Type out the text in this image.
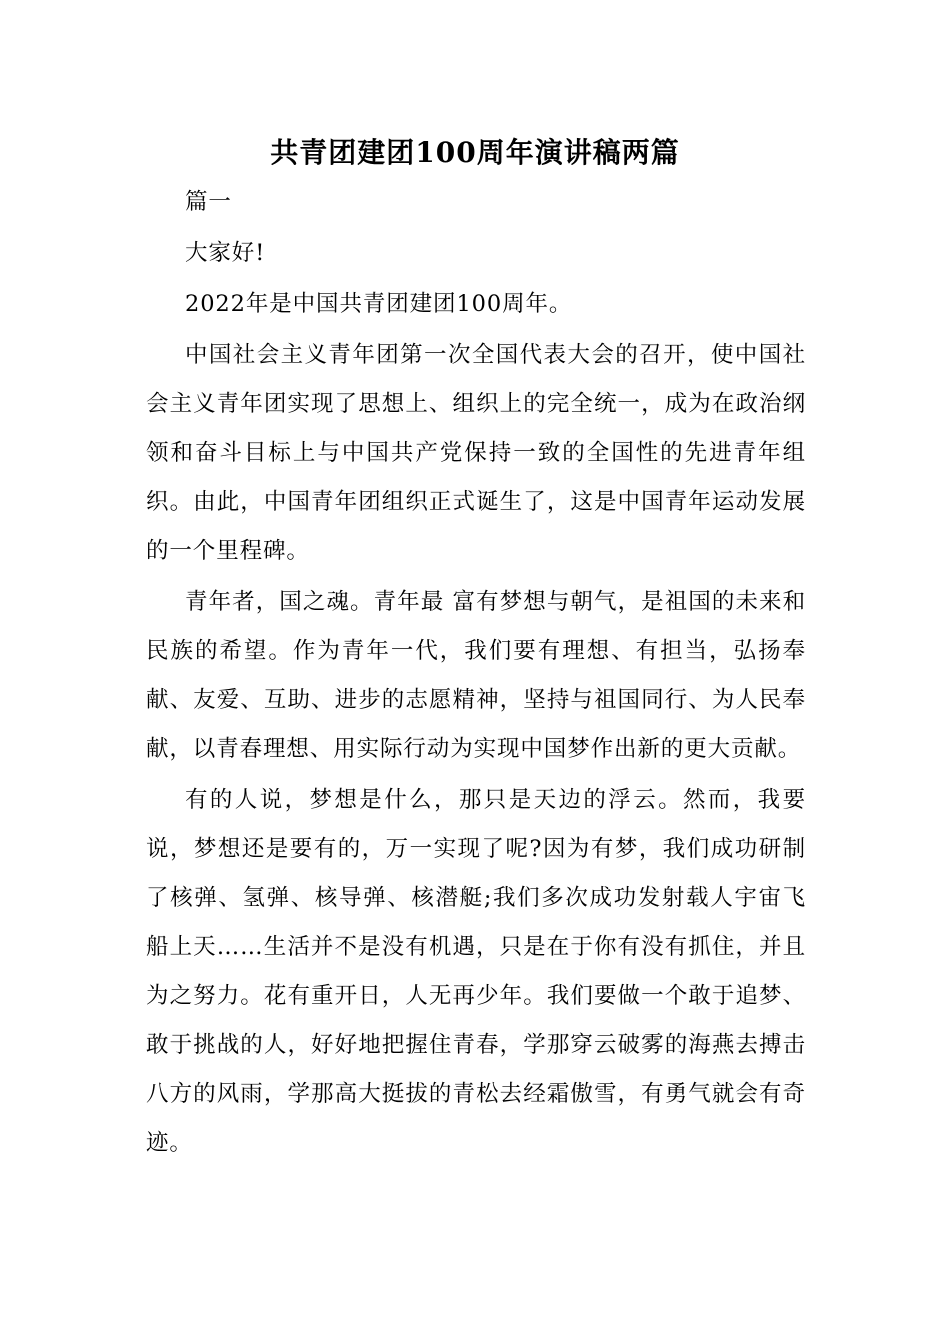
共青团建团100周年演讲稿两篇

篇一

大家好!

2022年是中国共青团建团100周年。

中国社会主义青年团第一次全国代表大会的召开，使中国社会主义青年团实现了思想上、组织上的完全统一，成为在政治纲领和奋斗目标上与中国共产党保持一致的全国性的先进青年组织。由此，中国青年团组织正式诞生了，这是中国青年运动发展的一个里程碑。

青年者，国之魂。青年最 富有梦想与朝气，是祖国的未来和民族的希望。作为青年一代，我们要有理想、有担当，弘扬奉献、友爱、互助、进步的志愿精神，坚持与祖国同行、为人民奉献，以青春理想、用实际行动为实现中国梦作出新的更大贡献。

有的人说，梦想是什么，那只是天边的浮云。然而，我要说，梦想还是要有的，万一实现了呢?因为有梦，我们成功研制了核弹、氢弹、核导弹、核潜艇;我们多次成功发射载人宇宙飞船上天……生活并不是没有机遇，只是在于你有没有抓住，并且为之努力。花有重开日，人无再少年。我们要做一个敢于追梦、敢于挑战的人，好好地把握住青春，学那穿云破雾的海燕去搏击八方的风雨，学那高大挺拔的青松去经霜傲雪，有勇气就会有奇迹。
